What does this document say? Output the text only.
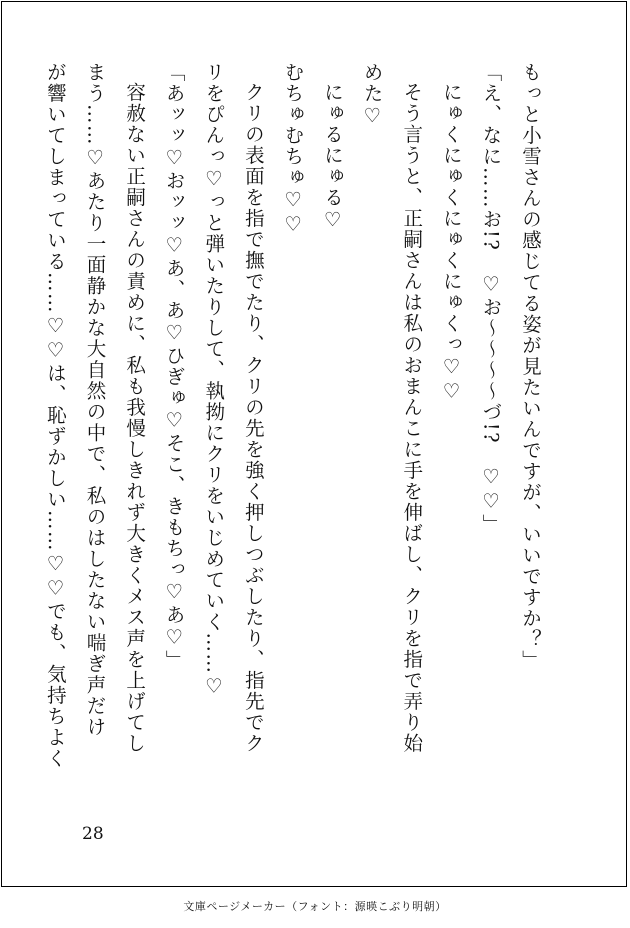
もっと小雪さんの感じてる姿が見たいんですが、いいですか？」

「え、なに……お!?　♡お〜〜〜〜づ!?　♡♡」

にゅくにゅくにゅくにゅくっ♡♡

そう言うと、正嗣さんは私のおまんこに手を伸ばし、クリを指で弄り始

めた♡

にゅるにゅる♡

むちゅむちゅ♡♡

クリの表面を指で撫でたり、クリの先を強く押しつぶしたり、指先でク

リをぴんっ♡っと弾いたりして、執拗にクリをいじめていく……♡

「あッッ♡おッッ♡あ、あ♡ひぎゅ♡そこ、きもちっ♡あ♡」

容赦ない正嗣さんの責めに、私も我慢しきれず大きくメス声を上げてし

まう……♡あたり一面静かな大自然の中で、私のはしたない喘ぎ声だけ

が響いてしまっている……♡♡は、恥ずかしい……♡♡でも、気持ちよく

28
文庫ページメーカー（フォント：源暎こぶり明朝）
